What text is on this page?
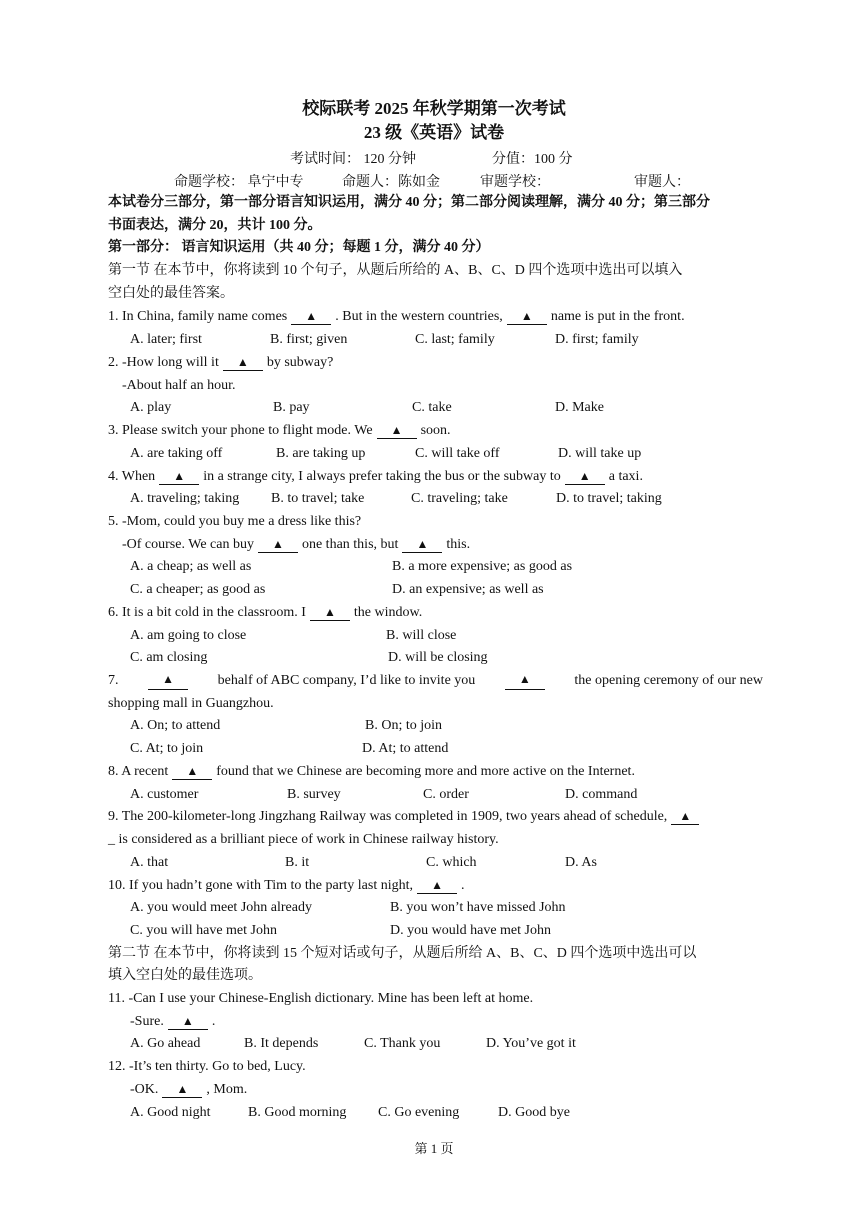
校际联考 2025 年秋学期第一次考试
23 级《英语》试卷
考试时间： 120 分钟	分值：100 分
命题学校： 阜宁中专	命题人：陈如金	审题学校：	审题人：
本试卷分三部分，第一部分语言知识运用，满分 40 分；第二部分阅读理解，满分 40 分；第三部分
书面表达，满分 20，共计 100 分。
第一部分： 语言知识运用（共 40 分；每题 1 分，满分 40 分）
第一节 在本节中，你将读到 10 个句子，从题后所给的 A、B、C、D 四个选项中选出可以填入
空白处的最佳答案。
1. In China, family name comes ▲ . But in the western countries, ▲ name is put in the front.
A. later; first	B. first; given	C. last; family	D. first; family
2. -How long will it ▲ by subway?
-About half an hour.
A. play	B. pay	C. take	D. Make
3. Please switch your phone to flight mode. We ▲ soon.
A. are taking off	B. are taking up	C. will take off	D. will take up
4. When ▲ in a strange city, I always prefer taking the bus or the subway to ▲ a taxi.
A. traveling; taking B. to travel; take	C. traveling; take	D. to travel; taking
5. -Mom, could you buy me a dress like this?
-Of course. We can buy ▲ one than this, but ▲ this.
A. a cheap; as well as	B. a more expensive; as good as
C. a cheaper; as good as	D. an expensive; as well as
6. It is a bit cold in the classroom. I ▲ the window.
A. am going to close	B. will close
C. am closing	D. will be closing
7.	▲	behalf of ABC company, I’d like to invite you	▲	the opening ceremony of our new
shopping mall in Guangzhou.
A. On; to attend	B. On; to join
C. At; to join	D. At; to attend
8. A recent ▲ found that we Chinese are becoming more and more active on the Internet.
A. customer	B. survey	C. order	D. command
9. The 200-kilometer-long Jingzhang Railway was completed in 1909, two years ahead of schedule, ▲
_ is considered as a brilliant piece of work in Chinese railway history.
A. that	B. it	C. which	D. As
10. If you hadn’t gone with Tim to the party last night, ▲ .
A. you would meet John already	B. you won’t have missed John
C. you will have met John	D. you would have met John
第二节 在本节中，你将读到 15 个短对话或句子，从题后所给 A、B、C、D 四个选项中选出可以
填入空白处的最佳选项。
11. -Can I use your Chinese-English dictionary. Mine has been left at home.
-Sure. ▲ .
A. Go ahead	B. It depends	C. Thank you	D. You’ve got it
12. -It’s ten thirty. Go to bed, Lucy.
-OK. ▲ , Mom.
A. Good night	B. Good morning C. Go evening	D. Good bye
第 1 页
